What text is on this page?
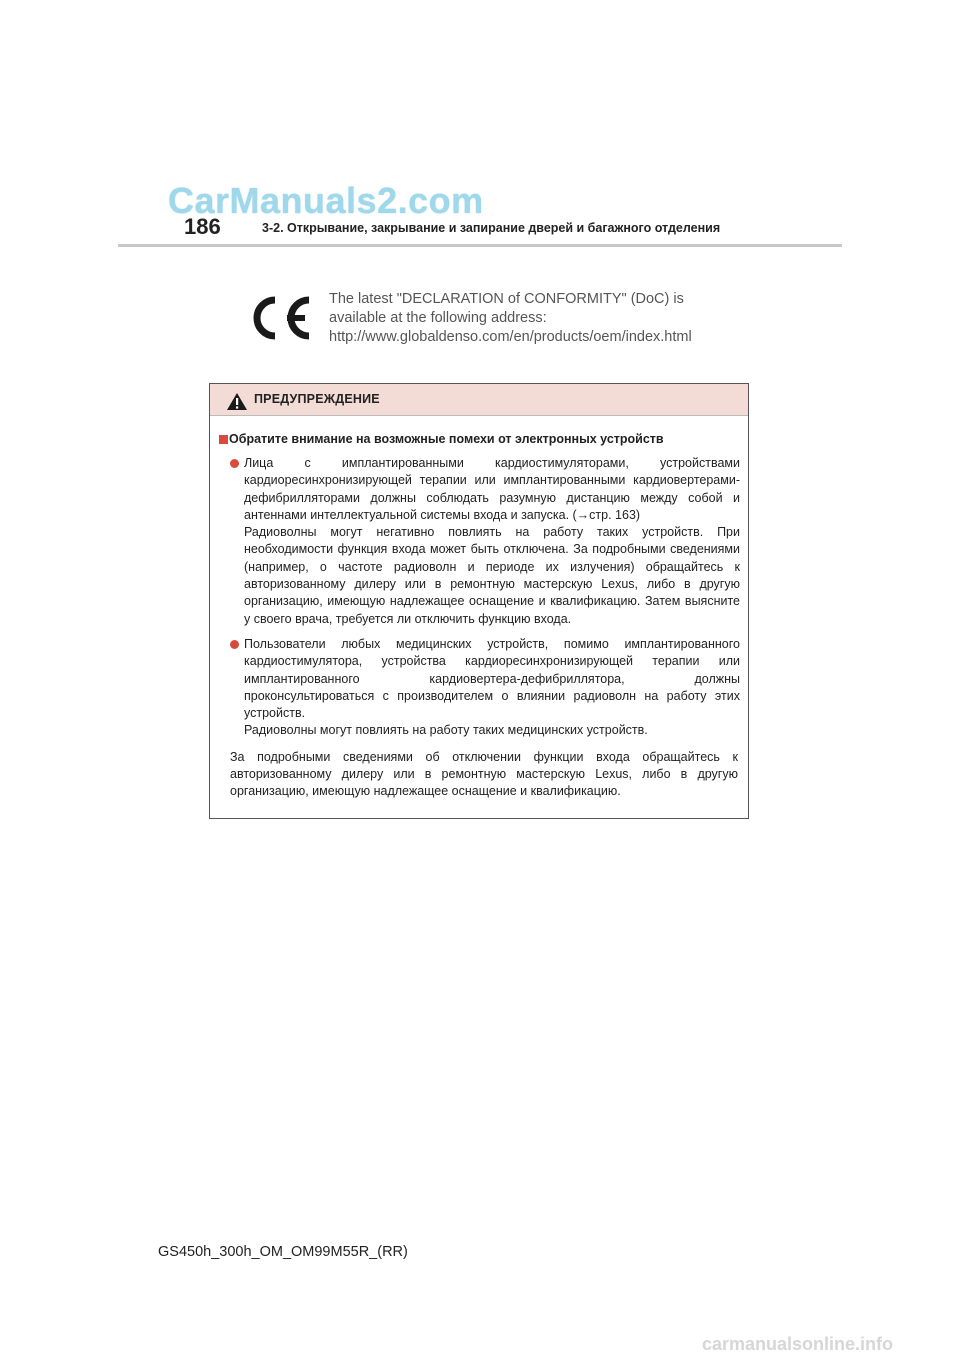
CarManuals2.com
186	3-2. Открывание, закрывание и запирание дверей и багажного отделения
The latest "DECLARATION of CONFORMITY" (DoC) is
available at the following address:
http://www.globaldenso.com/en/products/oem/index.html
ПРЕДУПРЕЖДЕНИЕ
Обратите внимание на возможные помехи от электронных устройств

Лица с имплантированными кардиостимуляторами, устройствами кардиоресинхронизирующей терапии или имплантированными кардиовертерами-дефибрилляторами должны соблюдать разумную дистанцию между собой и антеннами интеллектуальной системы входа и запуска. (→стр. 163)

Радиоволны могут негативно повлиять на работу таких устройств. При необходимости функция входа может быть отключена. За подробными сведениями (например, о частоте радиоволн и периоде их излучения) обращайтесь к авторизованному дилеру или в ремонтную мастерскую Lexus, либо в другую организацию, имеющую надлежащее оснащение и квалификацию. Затем выясните у своего врача, требуется ли отключить функцию входа.

Пользователи любых медицинских устройств, помимо имплантированного кардиостимулятора, устройства кардиоресинхронизирующей терапии или имплантированного кардиовертера-дефибриллятора, должны проконсультироваться с производителем о влиянии радиоволн на работу этих устройств.

Радиоволны могут повлиять на работу таких медицинских устройств.

За подробными сведениями об отключении функции входа обращайтесь к авторизованному дилеру или в ремонтную мастерскую Lexus, либо в другую организацию, имеющую надлежащее оснащение и квалификацию.

GS450h_300h_OM_OM99M55R_(RR)
carmanualsonline.info
